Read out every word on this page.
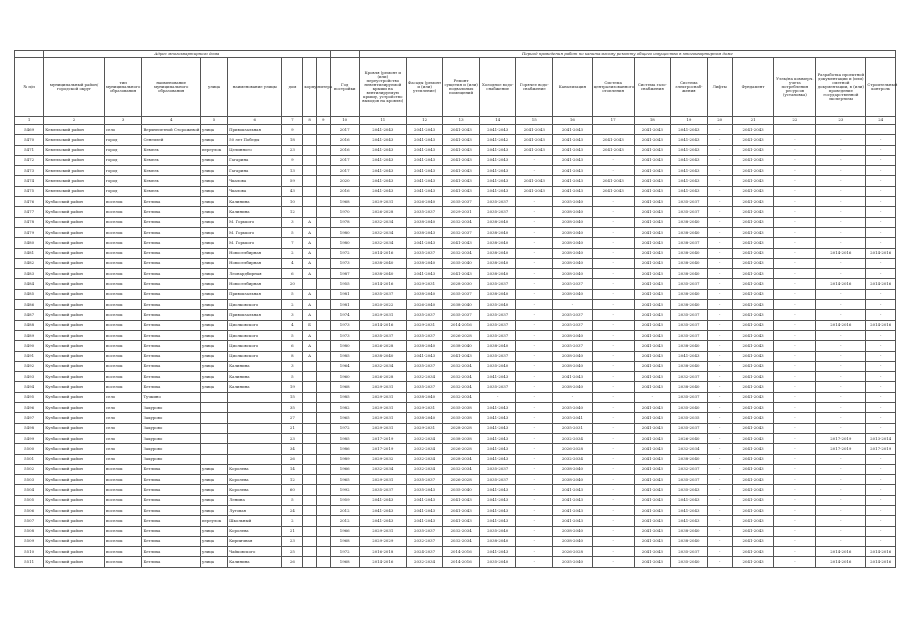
	Адрес многоквартирного дома									Период проведения работ по капитальному ремонту общего имущества в многоквартирном доме													
№ п/п	муниципальный район/городской округ	тип муниципального образования	наименование муниципального образования	улица	наименование улицы	дом	корпус	литера	Год постройки	Кровля (ремонт и (или) переустройство невентилируемой крыши на вентилируемую крышу, устройство выходов на кровлю)	Фасады (ремонт и (или) утепление)	Ремонт сущетия и (или) подвальных помещений	Холодное водо-снабжение	Горячее водо-снабжение	Канализация	Система централизованного отопления	Система газо-снабжения	Система электроснаб-жения	Лифты	Фундамент	Узлы/на коммерч. учета потребления ресурсов (установка)	Разработка проектной документации и (или) сметной документации, в (или) проведение государственной экспертизы	Строительный контроль
1	2	3	4	5	6	7	8	9	10	11	12	13	14	15	16	17	18	19	20	21	22	23	24
5469	Кемельский район	село	Верхнепетной Сторожевой	улица	Привокзальная	9			2017	2041-2043	2041-2043	2041-2043	2041-2043	2041-2043	2041-2043		2041-2043	2041-2043	-	2041-2043			
5470	Кемельский район	город	Сенгилей	улица	50 лет Победы	18			2016	2041-2043	2041-2043	2041-2043	2041-2042	2041-2043	2041-2043	2041-2043	2041-2043	2041-2043	-	2041-2043	-	-	-
5471	Кемельский район	город	Кемель	переулок	Целинного	23			2016	2041-2043	2041-2043	2041-2043	2041-2043	2041-2043	2041-2043	2041-2043	2041-2043	2041-2043	-	2041-2043	-	-	-
5472	Кемельский район	город	Кемель	улица	Гагарина	9			2017	2041-2043	2041-2043	2041-2043	2041-2043	-	2041-2043	-	2041-2043	2041-2043	-	2041-2043	-	-	-
5473	Кемельский район	город	Кемель	улица	Гагарина	13			2017	2041-2043	2041-2043	2041-2043	2041-2043	-	2041-2043	-	2041-2043	2041-2043	-	2041-2043	-	-	-
5474	Кемельский район	город	Кемель	улица	Чкалова	59			2020	2041-2043	2041-2043	2041-2043	2041-2043	2041-2043	2041-2043	2041-2043	2041-2043	2041-2043	-	2041-2043	-	-	-
5475	Кемельский район	город	Кемель	улица	Чкалова	43			2016	2041-2043	2041-2043	2041-2043	2041-2043	2041-2043	2041-2043	2041-2043	2041-2043	2041-2043	-	2041-2043	-	-	-
5476	Кузбасский район	поселок	Бетлиха	улица	Калинина	10			1968	2029-2031	2026-2040	2035-2037	2035-2037	-	2035-2040	-	2041-2043	2035-2037	-	2041-2043	-	-	-
5477	Кузбасский район	поселок	Бетлиха	улица	Калинина	12			1970	2026-2028	2035-2037	2029-2031	2035-2037	-	2038-2040	-	2041-2043	2035-2037	-	2041-2043	-	-	-
5478	Кузбасский район	поселок	Бетлиха	улица	М. Горького	3	А		1978	2032-2034	2038-2040	2032-2034	2038-2040	-	2038-2040	-	2041-2043	2038-2040	-	2041-2043	-	-	-
5479	Кузбасский район	поселок	Бетлиха	улица	М. Горького	5	А		1980	2032-2034	2038-2043	2032-2037	2038-2040	-	2038-2040	-	2041-2043	2038-2040	-	2041-2043	-	-	-
5480	Кузбасский район	поселок	Бетлиха	улица	М. Горького	7	А		1980	2032-2034	2041-2043	2041-2043	2038-2040	-	2038-2040	-	2041-2043	2038-2037	-	2041-2043	-	-	-
5481	Кузбасский район	поселок	Бетлиха	улица	Новоселбирная	2	А		1972	2014-2016	2035-2037	2032-2034	2038-2040	-	2038-2040	-	2041-2043	2038-2040	-	2041-2043	-	2014-2016	2014-2016
5482	Кузбасский район	поселок	Бетлиха	улица	Новоселбирная	4	А		1973	2038-2040	2038-2040	2035-2040	2038-2040	-	2038-2040	-	2041-2043	2038-2040	-	2041-2043	-	-	-
5483	Кузбасский район	поселок	Бетлиха	улица	Леонардбирная	6	А		1987	2038-2040	2041-2043	2041-2043	2038-2040	-	2038-2040	-	2041-2043	2038-2040	-	2041-2043	-	-	-
5484	Кузбасский район	поселок	Бетлиха	улица	Новоселбирная	20			1955	2014-2016	2029-2031	2028-2030	2035-2037	-	2035-2037	-	2041-2043	2035-2037	-	2041-2043	-	2014-2016	2014-2016
5485	Кузбасский район	поселок	Бетлиха	улица	Привокзальная	5	А		1981	2035-2037	2038-2040	2035-2037	2038-2040	-	2038-2040	-	2041-2043	2038-2040	-	2041-2043	-	-	-
5486	Кузбасский район	поселок	Бетлиха	улица	Циолковского	2	А		1981	2020-2022	2026-2040	2038-2040	2035-2040	-	-	-	2041-2043	2038-2040	-	2041-2043	-	-	-
5487	Кузбасский район	поселок	Бетлиха	улица	Привокзальная	3	А		1974	2029-2031	2035-2037	2035-2037	2035-2037	-	2035-2037	-	2041-2043	2035-2037	-	2041-2043	-	-	-
5488	Кузбасский район	поселок	Бетлиха	улица	Циолковского	4	Б		1973	2014-2016	2029-2031	2014-2016	2035-2037	-	2035-2037	-	2041-2043	2035-2037	-	2041-2043	-	2014-2016	2014-2016
5489	Кузбасский район	поселок	Бетлиха	улица	Циолковского	5	А		1973	2035-2037	2035-2037	2026-2028	2035-2037	-	2038-2040	-	2041-2043	2035-2037	-	2041-2043	-	-	-
5490	Кузбасский район	поселок	Бетлиха	улица	Циолковского	6	А		1980	2026-2028	2038-2040	2038-2040	2038-2040	-	2035-2037	-	2041-2043	2038-2040	-	2041-2043	-	-	-
5491	Кузбасский район	поселок	Бетлиха	улица	Циолковского	8	А		1985	2038-2040	2041-2043	2041-2043	2035-2037	-	2038-2040	-	2041-2043	2041-2043	-	2041-2043	-	-	-
5492	Кузбасский район	поселок	Бетлиха	улица	Калинина	3			1964	2032-2034	2035-2037	2032-2034	2035-2040	-	2038-2040	-	2041-2043	2038-2040	-	2041-2043	-	-	-
5493	Кузбасский район	поселок	Бетлиха	улица	Калинина	5			1960	2026-2028	2032-2034	2032-2034	2041-2043	-	2041-2043	-	2041-2043	2032-2037	-	2041-2043	-	-	-
5494	Кузбасский район	поселок	Бетлиха	улица	Калинина	19			1968	2029-2031	2035-2037	2032-2034	2035-2037	-	2038-2040	-	2041-2043	2038-2040	-	2041-2043	-	-	-
5495	Кузбасский район	село	Тучкино			15			1985	2029-2031	2038-2040	2032-2034	-	-	-	-	-	2035-2037	-	2041-2043	-	-	-
5496	Кузбасский район	село	Закурово			35			1982	2029-2031	2029-2031	2035-2038	2041-2043	-	2035-2040	-	2041-2043	2035-2040	-	2041-2043	-	-	-
5497	Кузбасский район	село	Закурово			27			1965	2029-2031	2038-2040	2035-2038	2041-2043	-	2035-2041	-	2041-2043	2035-2035	-	2041-2043	-	-	-
5498	Кузбасский район	село	Закурово			21			1972	2029-2031	2029-2031	2028-2028	2041-2043	-	2035-2031	-	2041-2043	2035-2037	-	2041-2043	-	-	-
5499	Кузбасский район	село	Закурово			23			1985	2017-2019	2032-2034	2038-2038	2041-2043	-	2032-2034	-	2041-2043	2026-2040	-	2041-2043	-	2017-2019	2013-2014
5500	Кузбасский район	село	Закурово			34			1986	2017-2019	2032-2034	2026-2028	2041-2043	-	2026-2028	-	2041-2043	2032-2034	-	2041-2043	-	2017-2019	2017-2019
5501	Кузбасский район	село	Закурово			26			1989	2029-2032	2032-2034	2028-2034	2041-2043	-	2032-2034	-	2041-2043	2038-2040	-	2041-2043	-	-	-
5502	Кузбасский район	поселок	Бетлиха	улица	Королева	14			1966	2032-2034	2032-2034	2032-2034	2035-2037	-	2038-2040	-	2041-2043	2032-2037	-	2041-2043	-	-	-
5503	Кузбасский район	поселок	Бетлиха	улица	Королева	12			1965	2029-2031	2035-2037	2026-2028	2035-2037	-	2038-2040	-	2041-2043	2035-2037	-	2041-2043	-	-	-
5504	Кузбасский район	поселок	Бетлиха	улица	Королева	60			1992	2035-2037	2035-2043	2035-2040	2041-2043	-	2041-2043	-	2041-2043	2035-2043	-	2041-2043	-	-	-
5505	Кузбасский район	поселок	Бетлиха	улица	Ленина	5			1959	2041-2043	2041-2043	2041-2043	2041-2043	-	2041-2043	-	2041-2043	2041-2043	-	2041-2043	-	-	-
5506	Кузбасский район	поселок	Бетлиха	улица	Луговая	24			2012	2041-2043	2041-2043	2041-2043	2041-2043	-	2041-2043	-	2041-2043	2041-2043	-	2041-2043	-	-	-
5507	Кузбасский район	поселок	Бетлиха	переулок	Школьный	2			2012	2041-2043	2041-2043	2041-2043	2041-2043	-	2041-2043	-	2041-2043	2041-2043	-	2041-2043	-	-	-
5508	Кузбасский район	поселок	Бетлиха	улица	Королева	21			1966	2029-2031	2035-2037	2032-2034	2035-2040	-	2038-2040	-	2041-2043	2038-2040	-	2041-2043	-	-	-
5509	Кузбасский район	поселок	Бетлиха	улица	Кирпичная	23			1968	2029-2029	2032-2037	2032-2034	2038-2040	-	2038-2040	-	2041-2043	2038-2040	-	2041-2043	-	-	-
5510	Кузбасский район	поселок	Бетлиха	улица	Чайковского	25			1972	2016-2018	2024-2037	2014-2016	2041-2043	-	2026-2028	-	2041-2043	2035-2037	-	2041-2043	-	2014-2016	2014-2016
5511	Кузбасский район	поселок	Бетлиха	улица	Калинина	26			1968	2014-2016	2032-2034	2014-2016	2035-2040	-	2035-2040	-	2041-2043	2035-2040	-	2041-2043	-	2014-2016	2014-2016
